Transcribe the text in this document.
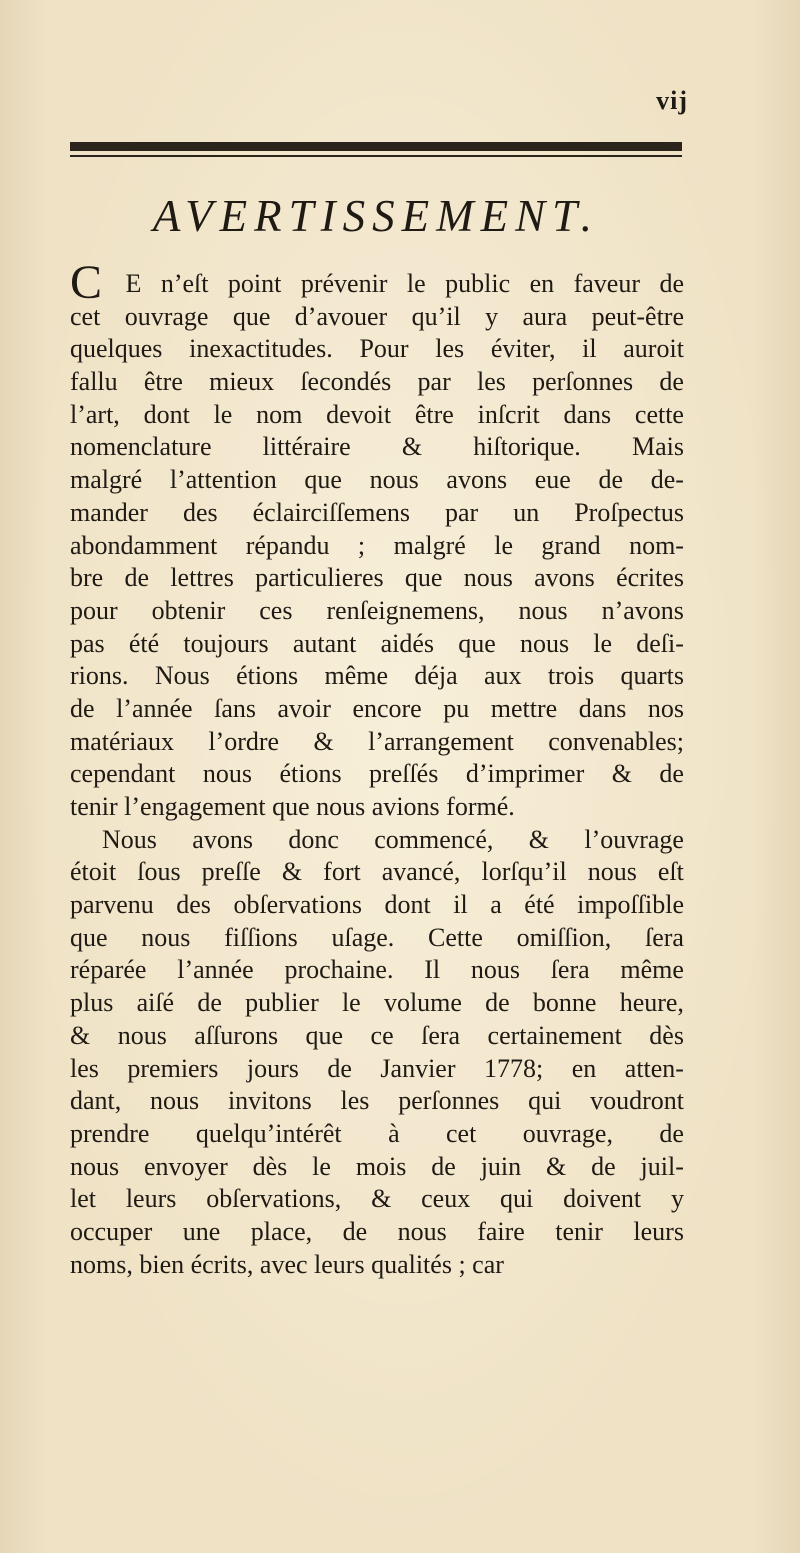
vij
AVERTISSEMENT.
C E n’eſt point prévenir le public en faveur de
cet ouvrage que d’avouer qu’il y aura peut-être
quelques inexactitudes. Pour les éviter, il auroit
fallu être mieux ſecondés par les perſonnes de
l’art, dont le nom devoit être inſcrit dans cette
nomenclature littéraire & hiſtorique. Mais
malgré l’attention que nous avons eue de de-
mander des éclairciſſemens par un Proſpectus
abondamment répandu ; malgré le grand nom-
bre de lettres particulieres que nous avons écrites
pour obtenir ces renſeignemens, nous n’avons
pas été toujours autant aidés que nous le deſi-
rions. Nous étions même déja aux trois quarts
de l’année ſans avoir encore pu mettre dans nos
matériaux l’ordre & l’arrangement convenables;
cependant nous étions preſſés d’imprimer & de
tenir l’engagement que nous avions formé.
Nous avons donc commencé, & l’ouvrage
étoit ſous preſſe & fort avancé, lorſqu’il nous eſt
parvenu des obſervations dont il a été impoſſible
que nous fiſſions uſage. Cette omiſſion, ſera
réparée l’année prochaine. Il nous ſera même
plus aiſé de publier le volume de bonne heure,
& nous aſſurons que ce ſera certainement dès
les premiers jours de Janvier 1778; en atten-
dant, nous invitons les perſonnes qui voudront
prendre quelqu’intérêt à cet ouvrage, de
nous envoyer dès le mois de juin & de juil-
let leurs obſervations, & ceux qui doivent y
occuper une place, de nous faire tenir leurs
noms, bien écrits, avec leurs qualités ; car
